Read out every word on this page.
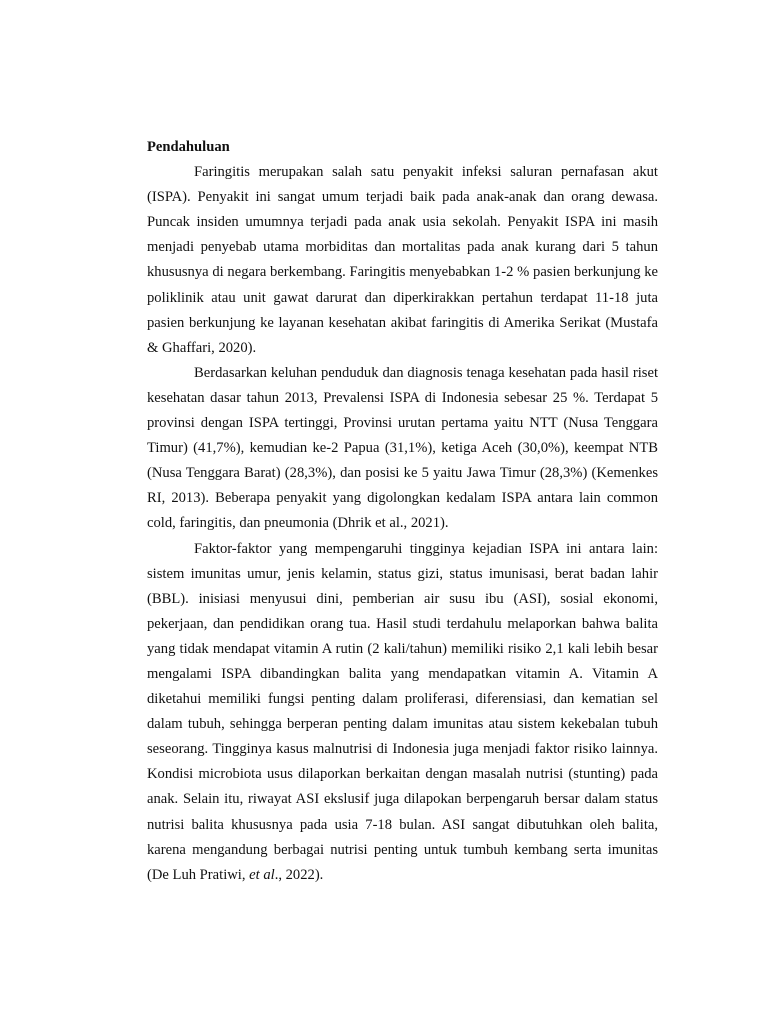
Pendahuluan

Faringitis merupakan salah satu penyakit infeksi saluran pernafasan akut (ISPA). Penyakit ini sangat umum terjadi baik pada anak-anak dan orang dewasa. Puncak insiden umumnya terjadi pada anak usia sekolah. Penyakit ISPA ini masih menjadi penyebab utama morbiditas dan mortalitas pada anak kurang dari 5 tahun khususnya di negara berkembang. Faringitis menyebabkan 1-2 % pasien berkunjung ke poliklinik atau unit gawat darurat dan diperkirakkan pertahun terdapat 11-18 juta pasien berkunjung ke layanan kesehatan akibat faringitis di Amerika Serikat (Mustafa & Ghaffari, 2020).

Berdasarkan keluhan penduduk dan diagnosis tenaga kesehatan pada hasil riset kesehatan dasar tahun 2013, Prevalensi ISPA di Indonesia sebesar 25 %. Terdapat 5 provinsi dengan ISPA tertinggi, Provinsi urutan pertama yaitu NTT (Nusa Tenggara Timur) (41,7%), kemudian ke-2 Papua (31,1%), ketiga Aceh (30,0%), keempat NTB (Nusa Tenggara Barat) (28,3%), dan posisi ke 5 yaitu Jawa Timur (28,3%) (Kemenkes RI, 2013). Beberapa penyakit yang digolongkan kedalam ISPA antara lain common cold, faringitis, dan pneumonia (Dhrik et al., 2021).

Faktor-faktor yang mempengaruhi tingginya kejadian ISPA ini antara lain: sistem imunitas umur, jenis kelamin, status gizi, status imunisasi, berat badan lahir (BBL). inisiasi menyusui dini, pemberian air susu ibu (ASI), sosial ekonomi, pekerjaan, dan pendidikan orang tua. Hasil studi terdahulu melaporkan bahwa balita yang tidak mendapat vitamin A rutin (2 kali/tahun) memiliki risiko 2,1 kali lebih besar mengalami ISPA dibandingkan balita yang mendapatkan vitamin A. Vitamin A diketahui memiliki fungsi penting dalam proliferasi, diferensiasi, dan kematian sel dalam tubuh, sehingga berperan penting dalam imunitas atau sistem kekebalan tubuh seseorang. Tingginya kasus malnutrisi di Indonesia juga menjadi faktor risiko lainnya. Kondisi microbiota usus dilaporkan berkaitan dengan masalah nutrisi (stunting) pada anak. Selain itu, riwayat ASI ekslusif juga dilapokan berpengaruh bersar dalam status nutrisi balita khususnya pada usia 7-18 bulan. ASI sangat dibutuhkan oleh balita, karena mengandung berbagai nutrisi penting untuk tumbuh kembang serta imunitas (De Luh Pratiwi, et al., 2022).
